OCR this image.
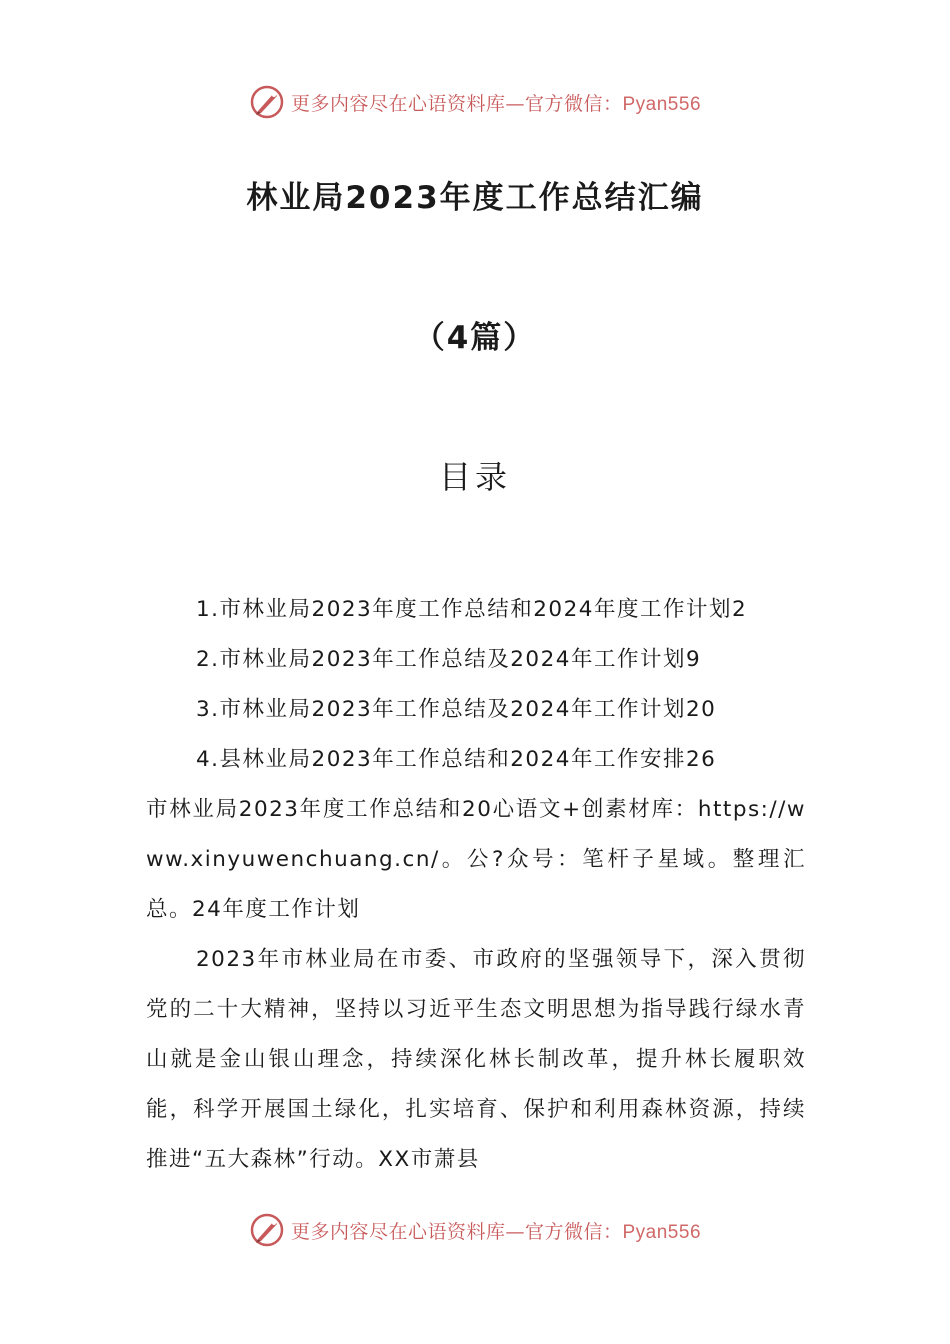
更多内容尽在心语资料库—官方微信：Pyan556
林业局2023年度工作总结汇编
（4篇）
目录
1.市林业局2023年度工作总结和2024年度工作计划2
2.市林业局2023年工作总结及2024年工作计划9
3.市林业局2023年工作总结及2024年工作计划20
4.县林业局2023年工作总结和2024年工作安排26

市林业局2023年度工作总结和20心语文+创素材库：https://www.xinyuwenchuang.cn/。公?众号：笔杆子星域。整理汇总。24年度工作计划

2023年市林业局在市委、市政府的坚强领导下，深入贯彻党的二十大精神，坚持以习近平生态文明思想为指导践行绿水青山就是金山银山理念，持续深化林长制改革，提升林长履职效能，科学开展国土绿化，扎实培育、保护和利用森林资源，持续推进“五大森林”行动。XX市萧县

更多内容尽在心语资料库—官方微信：Pyan556
